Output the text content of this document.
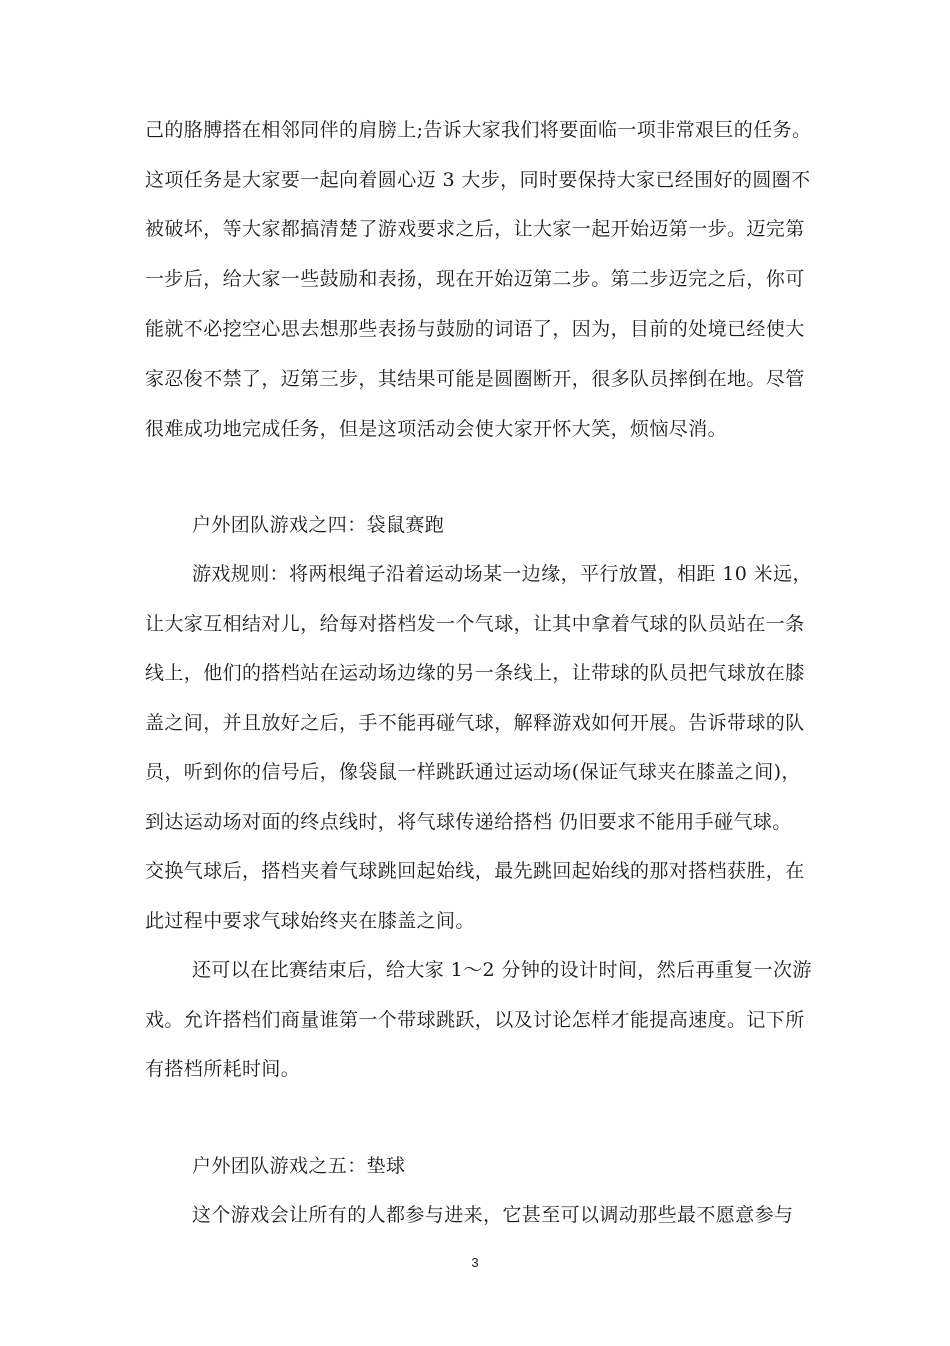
己的胳膊搭在相邻同伴的肩膀上;告诉大家我们将要面临一项非常艰巨的任务。
这项任务是大家要一起向着圆心迈 3 大步，同时要保持大家已经围好的圆圈不
被破坏，等大家都搞清楚了游戏要求之后，让大家一起开始迈第一步。迈完第
一步后，给大家一些鼓励和表扬，现在开始迈第二步。第二步迈完之后，你可
能就不必挖空心思去想那些表扬与鼓励的词语了，因为，目前的处境已经使大
家忍俊不禁了，迈第三步，其结果可能是圆圈断开，很多队员摔倒在地。尽管
很难成功地完成任务，但是这项活动会使大家开怀大笑，烦恼尽消。
户外团队游戏之四：袋鼠赛跑
游戏规则：将两根绳子沿着运动场某一边缘，平行放置，相距 10 米远，
让大家互相结对儿，给每对搭档发一个气球，让其中拿着气球的队员站在一条
线上，他们的搭档站在运动场边缘的另一条线上，让带球的队员把气球放在膝
盖之间，并且放好之后，手不能再碰气球，解释游戏如何开展。告诉带球的队
员，听到你的信号后，像袋鼠一样跳跃通过运动场(保证气球夹在膝盖之间)，
到达运动场对面的终点线时，将气球传递给搭档 仍旧要求不能用手碰气球。
交换气球后，搭档夹着气球跳回起始线，最先跳回起始线的那对搭档获胜，在
此过程中要求气球始终夹在膝盖之间。
还可以在比赛结束后，给大家 1～2 分钟的设计时间，然后再重复一次游
戏。允许搭档们商量谁第一个带球跳跃，以及讨论怎样才能提高速度。记下所
有搭档所耗时间。
户外团队游戏之五：垫球
这个游戏会让所有的人都参与进来，它甚至可以调动那些最不愿意参与
3
